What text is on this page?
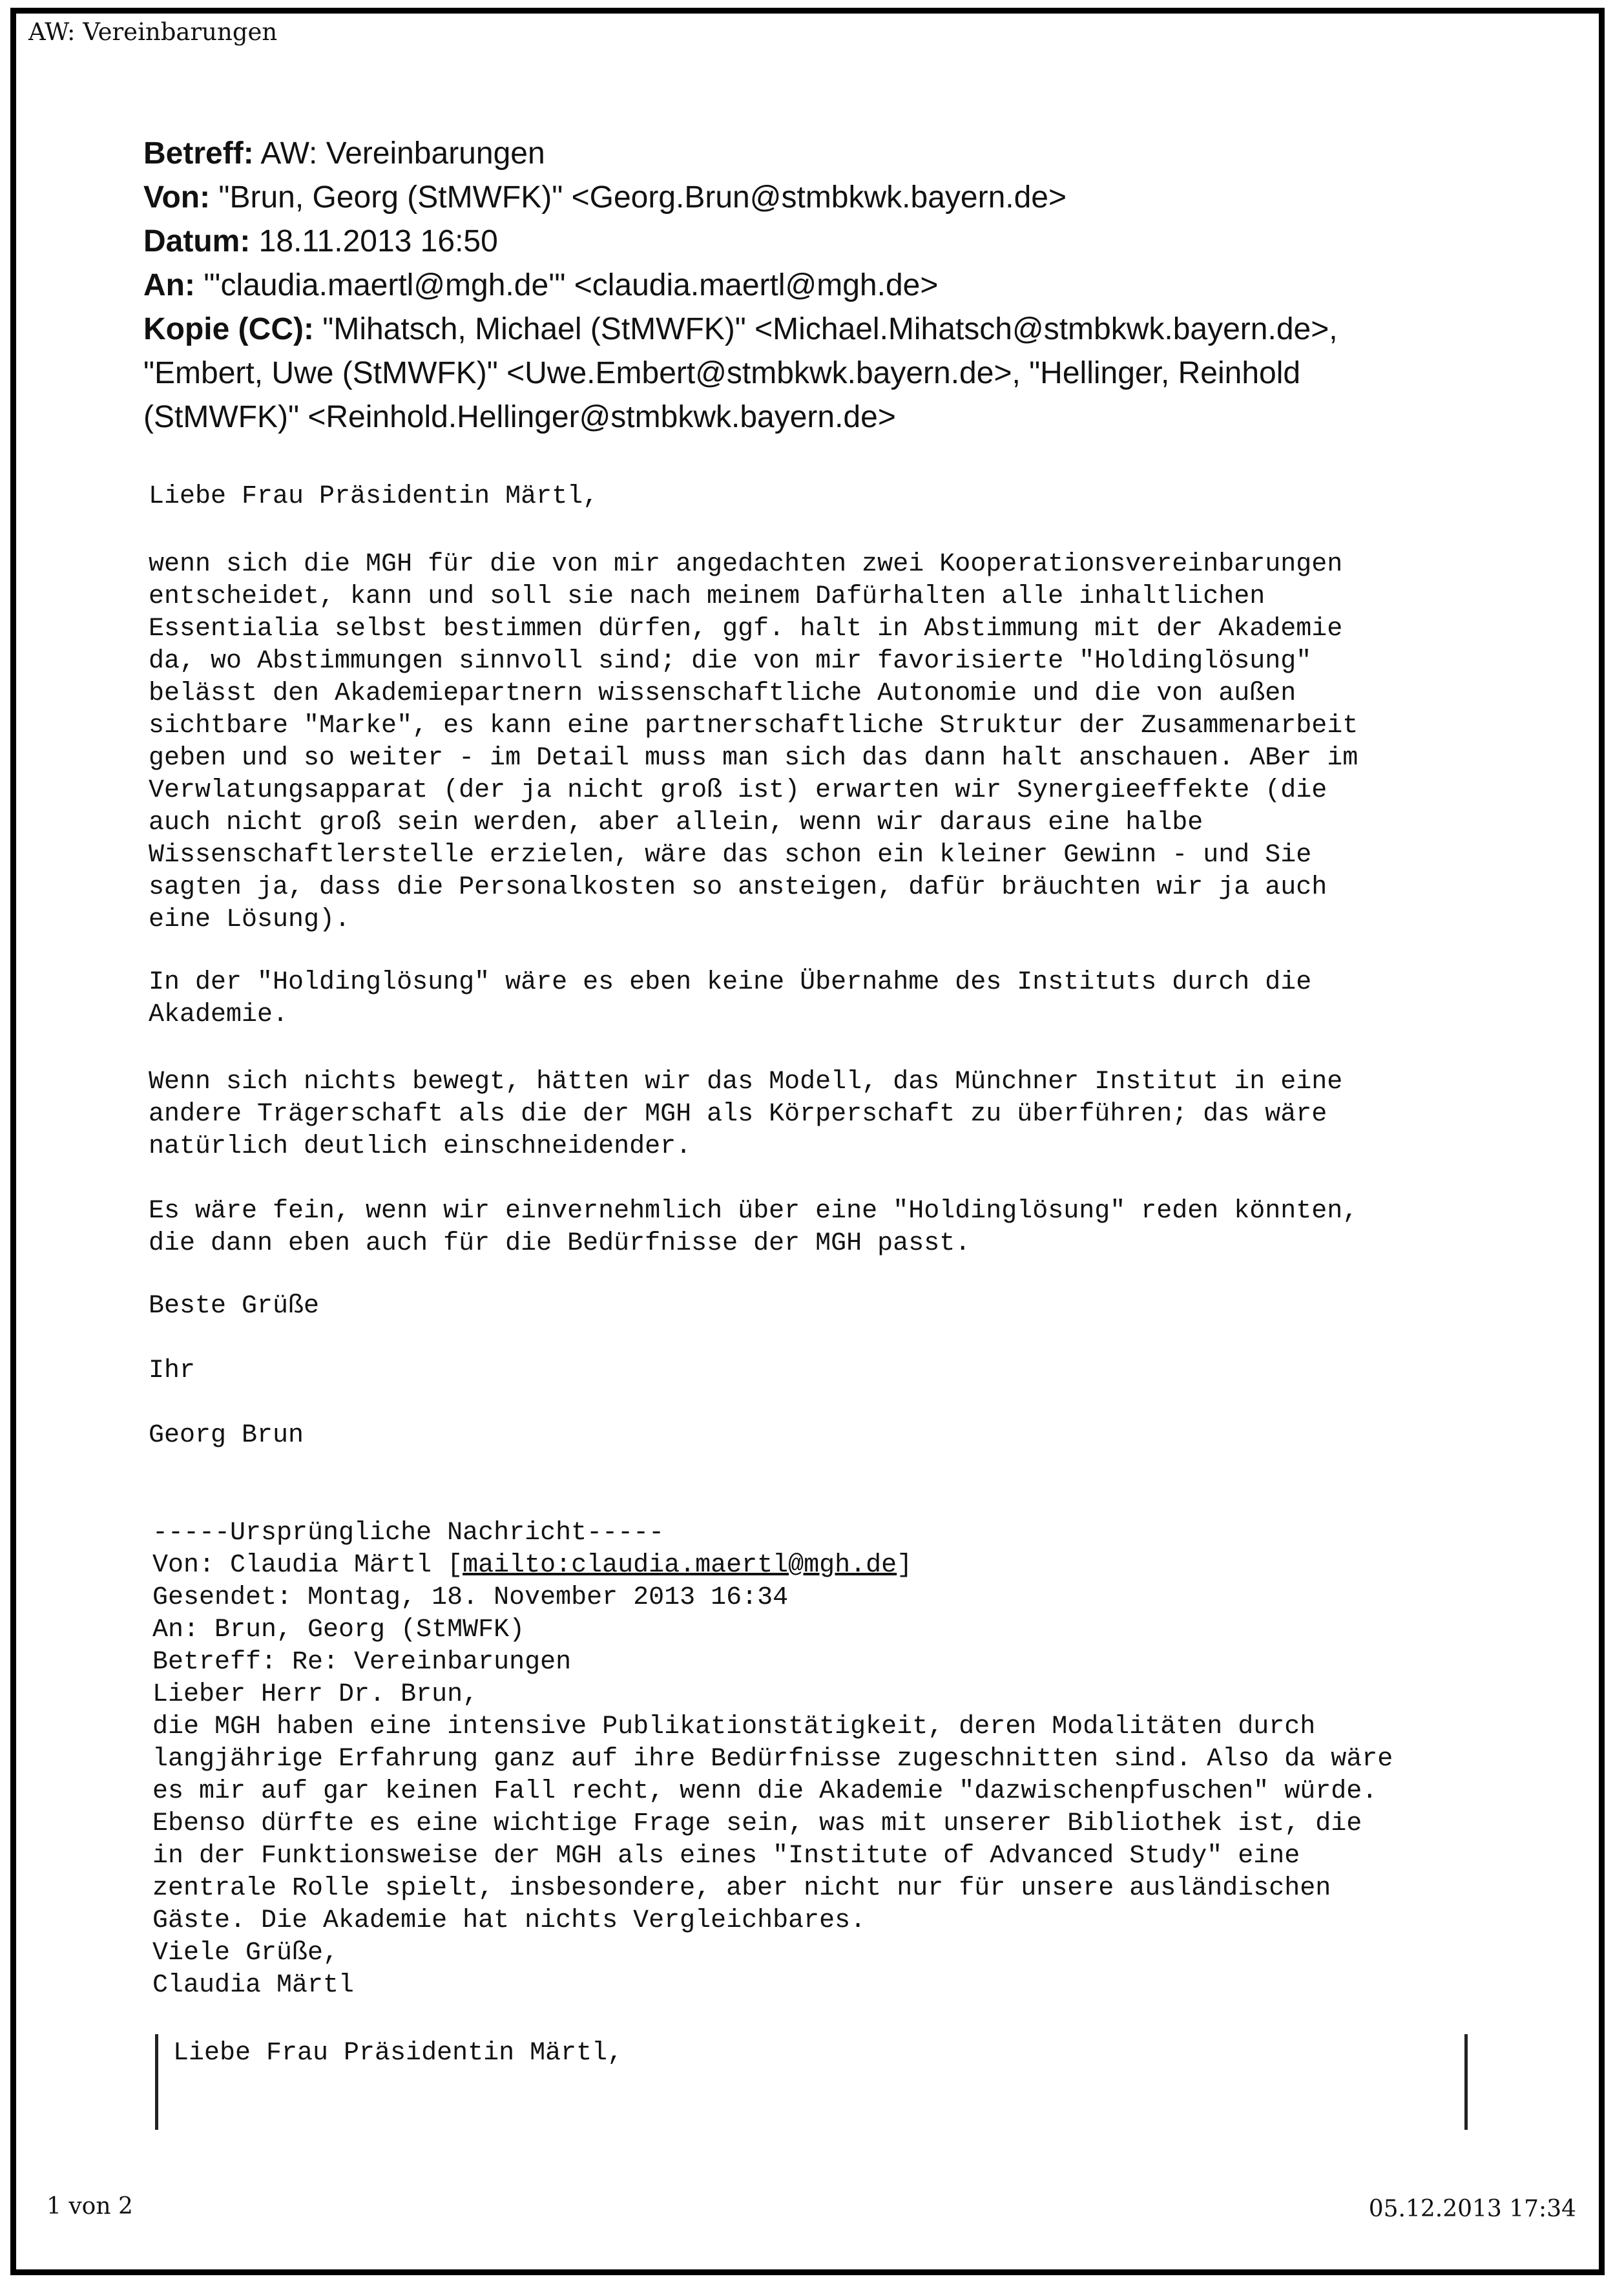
AW: Vereinbarungen
Betreff: AW: Vereinbarungen
Von: "Brun, Georg (StMWFK)" <Georg.Brun@stmbkwk.bayern.de>
Datum: 18.11.2013 16:50
An: "'claudia.maertl@mgh.de'" <claudia.maertl@mgh.de>
Kopie (CC): "Mihatsch, Michael (StMWFK)" <Michael.Mihatsch@stmbkwk.bayern.de>,
"Embert, Uwe (StMWFK)" <Uwe.Embert@stmbkwk.bayern.de>, "Hellinger, Reinhold
(StMWFK)" <Reinhold.Hellinger@stmbkwk.bayern.de>
Liebe Frau Präsidentin Märtl,
wenn sich die MGH für die von mir angedachten zwei Kooperationsvereinbarungen
entscheidet, kann und soll sie nach meinem Dafürhalten alle inhaltlichen
Essentialia selbst bestimmen dürfen, ggf. halt in Abstimmung mit der Akademie
da, wo Abstimmungen sinnvoll sind; die von mir favorisierte "Holdinglösung"
belässt den Akademiepartnern wissenschaftliche Autonomie und die von außen
sichtbare "Marke", es kann eine partnerschaftliche Struktur der Zusammenarbeit
geben und so weiter - im Detail muss man sich das dann halt anschauen. ABer im
Verwlatungsapparat (der ja nicht groß ist) erwarten wir Synergieeffekte (die
auch nicht groß sein werden, aber allein, wenn wir daraus eine halbe
Wissenschaftlerstelle erzielen, wäre das schon ein kleiner Gewinn - und Sie
sagten ja, dass die Personalkosten so ansteigen, dafür bräuchten wir ja auch
eine Lösung).
In der "Holdinglösung" wäre es eben keine Übernahme des Instituts durch die
Akademie.
Wenn sich nichts bewegt, hätten wir das Modell, das Münchner Institut in eine
andere Trägerschaft als die der MGH als Körperschaft zu überführen; das wäre
natürlich deutlich einschneidender.
Es wäre fein, wenn wir einvernehmlich über eine "Holdinglösung" reden könnten,
die dann eben auch für die Bedürfnisse der MGH passt.
Beste Grüße
Ihr
Georg Brun
-----Ursprüngliche Nachricht-----
Von: Claudia Märtl [mailto:claudia.maertl@mgh.de]
Gesendet: Montag, 18. November 2013 16:34
An: Brun, Georg (StMWFK)
Betreff: Re: Vereinbarungen
Lieber Herr Dr. Brun,
die MGH haben eine intensive Publikationstätigkeit, deren Modalitäten durch
langjährige Erfahrung ganz auf ihre Bedürfnisse zugeschnitten sind. Also da wäre
es mir auf gar keinen Fall recht, wenn die Akademie "dazwischenpfuschen" würde.
Ebenso dürfte es eine wichtige Frage sein, was mit unserer Bibliothek ist, die
in der Funktionsweise der MGH als eines "Institute of Advanced Study" eine
zentrale Rolle spielt, insbesondere, aber nicht nur für unsere ausländischen
Gäste. Die Akademie hat nichts Vergleichbares.
Viele Grüße,
Claudia Märtl
Liebe Frau Präsidentin Märtl,
1 von 2	05.12.2013 17:34
